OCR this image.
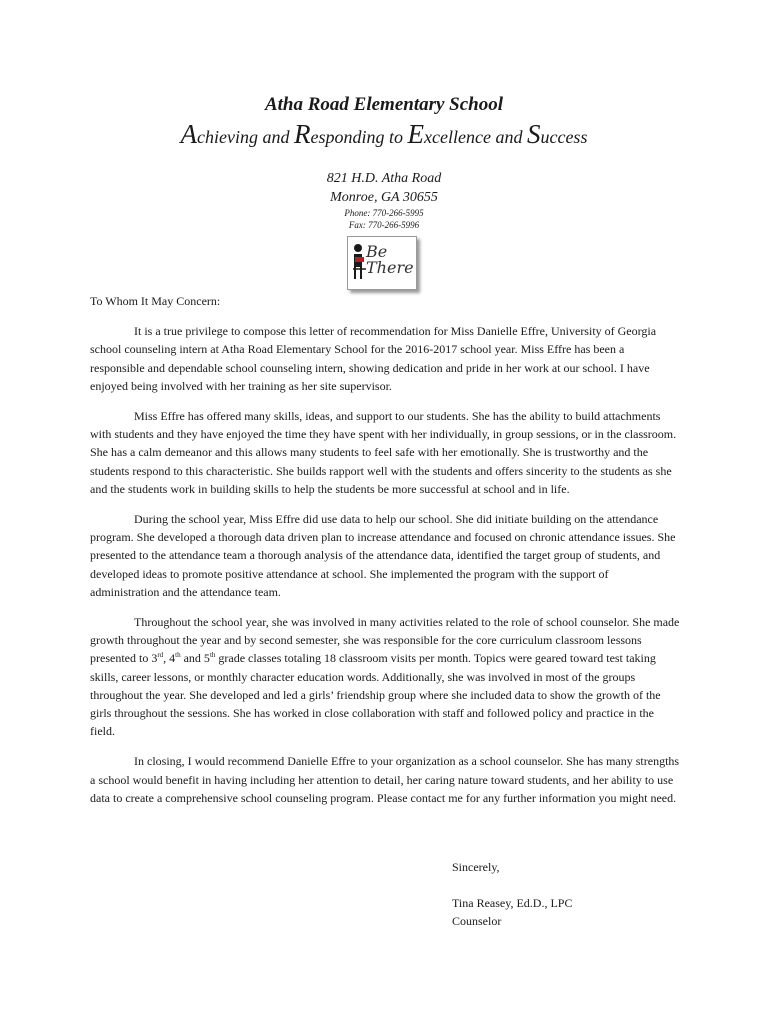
Atha Road Elementary School
Achieving and Responding to Excellence and Success
821 H.D. Atha Road
Monroe, GA 30655
Phone: 770-266-5995
Fax: 770-266-5996
Be
There

To Whom It May Concern:

It is a true privilege to compose this letter of recommendation for Miss Danielle Effre, University of Georgia school counseling intern at Atha Road Elementary School for the 2016-2017 school year. Miss Effre has been a responsible and dependable school counseling intern, showing dedication and pride in her work at our school. I have enjoyed being involved with her training as her site supervisor.

Miss Effre has offered many skills, ideas, and support to our students. She has the ability to build attachments with students and they have enjoyed the time they have spent with her individually, in group sessions, or in the classroom. She has a calm demeanor and this allows many students to feel safe with her emotionally. She is trustworthy and the students respond to this characteristic. She builds rapport well with the students and offers sincerity to the students as she and the students work in building skills to help the students be more successful at school and in life.

During the school year, Miss Effre did use data to help our school. She did initiate building on the attendance program. She developed a thorough data driven plan to increase attendance and focused on chronic attendance issues. She presented to the attendance team a thorough analysis of the attendance data, identified the target group of students, and developed ideas to promote positive attendance at school. She implemented the program with the support of administration and the attendance team.

Throughout the school year, she was involved in many activities related to the role of school counselor. She made growth throughout the year and by second semester, she was responsible for the core curriculum classroom lessons presented to 3rd, 4th and 5th grade classes totaling 18 classroom visits per month. Topics were geared toward test taking skills, career lessons, or monthly character education words. Additionally, she was involved in most of the groups throughout the year. She developed and led a girls’ friendship group where she included data to show the growth of the girls throughout the sessions. She has worked in close collaboration with staff and followed policy and practice in the field.

In closing, I would recommend Danielle Effre to your organization as a school counselor. She has many strengths a school would benefit in having including her attention to detail, her caring nature toward students, and her ability to use data to create a comprehensive school counseling program. Please contact me for any further information you might need.

Sincerely,
Tina Reasey, Ed.D., LPC
Counselor
